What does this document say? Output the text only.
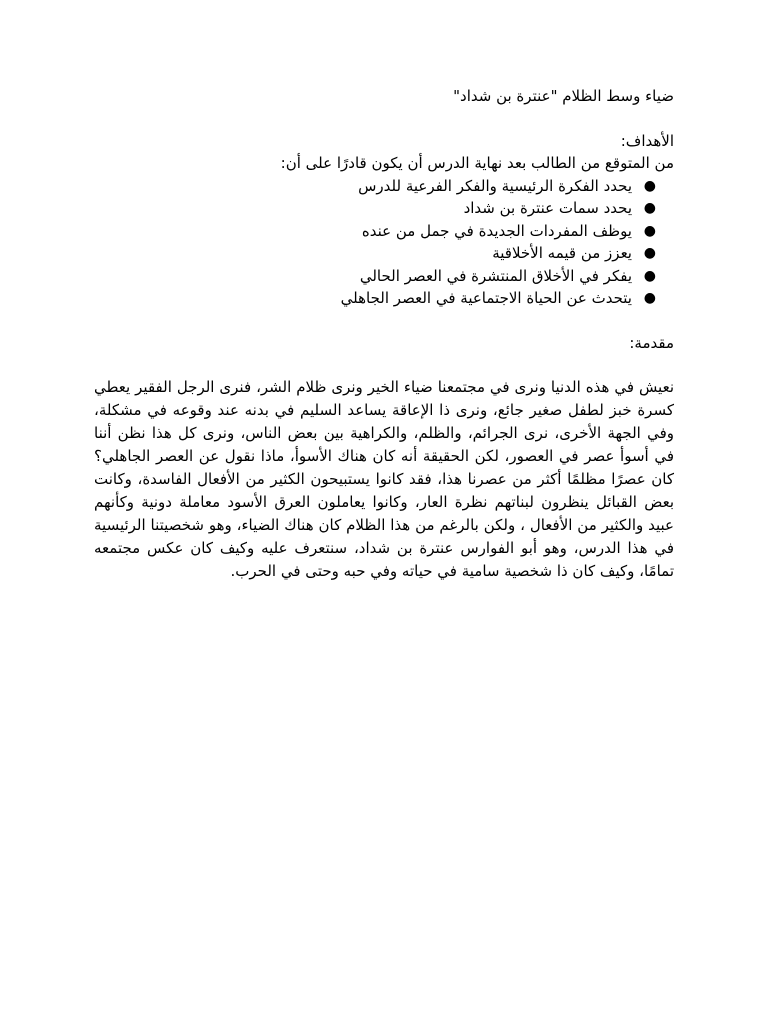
ضياء وسط الظلام "عنترة بن شداد"

الأهداف:

من المتوقع من الطالب بعد نهاية الدرس أن يكون قادرًا على أن:

●
يحدد الفكرة الرئيسية والفكر الفرعية للدرس
●
يحدد سمات عنترة بن شداد
●
يوظف المفردات الجديدة في جمل من عنده
●
يعزز من قيمه الأخلاقية
●
يفكر في الأخلاق المنتشرة في العصر الحالي
●
يتحدث عن الحياة الاجتماعية في العصر الجاهلي

مقدمة:

نعيش في هذه الدنيا ونرى في مجتمعنا ضياء الخير ونرى ظلام الشر، فنرى الرجل الفقير يعطي كسرة خبز لطفل صغير جائع، ونرى ذا الإعاقة يساعد السليم في بدنه عند وقوعه في مشكلة، وفي الجهة الأخرى، نرى الجرائم، والظلم، والكراهية بين بعض الناس، ونرى كل هذا نظن أننا في أسوأ عصر في العصور، لكن الحقيقة أنه كان هناك الأسوأ، ماذا نقول عن العصر الجاهلي؟ كان عصرًا مظلمًا أكثر من عصرنا هذا، فقد كانوا يستبيحون الكثير من الأفعال الفاسدة، وكانت بعض القبائل ينظرون لبناتهم نظرة العار، وكانوا يعاملون العرق الأسود معاملة دونية وكأنهم عبيد والكثير من الأفعال ، ولكن بالرغم من هذا الظلام كان هناك الضياء، وهو شخصيتنا الرئيسية في هذا الدرس، وهو أبو الفوارس عنترة بن شداد، سنتعرف عليه وكيف كان عكس مجتمعه تمامًا، وكيف كان ذا شخصية سامية في حياته وفي حبه وحتى في الحرب.
